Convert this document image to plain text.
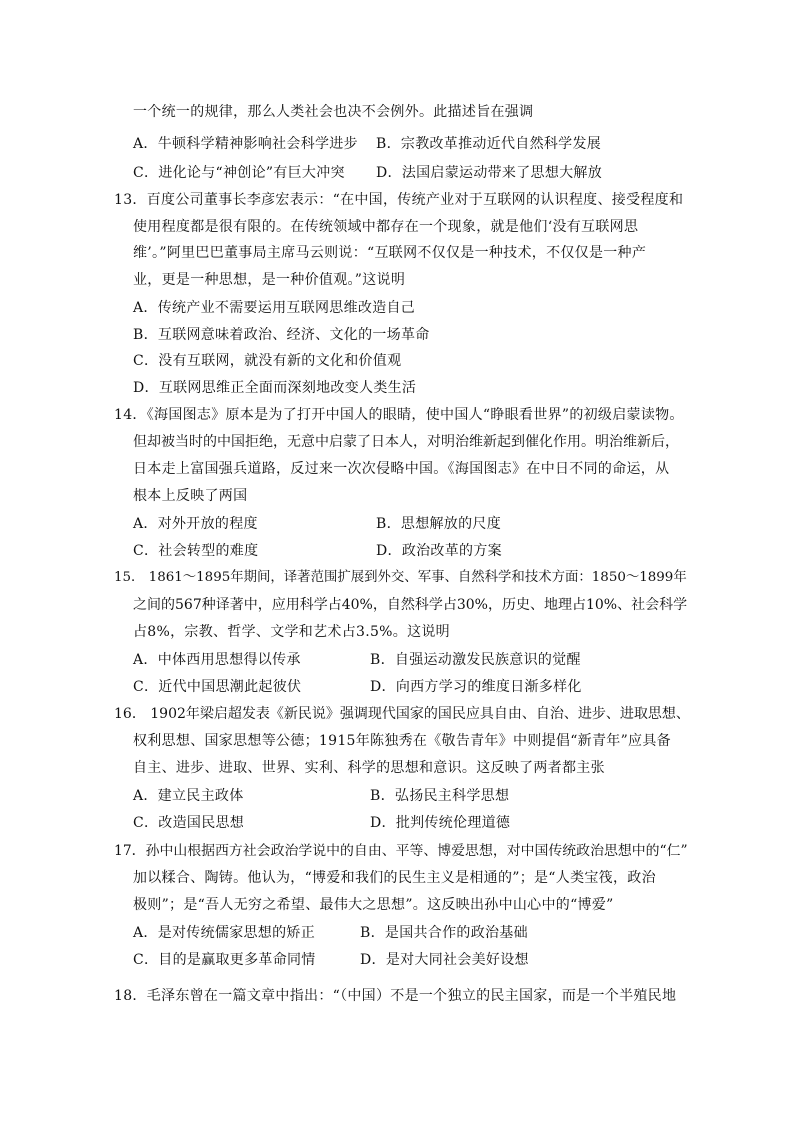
一个统一的规律，那么人类社会也决不会例外。此描述旨在强调
A．牛顿科学精神影响社会科学进步 B．宗教改革推动近代自然科学发展
C．进化论与“神创论”有巨大冲突 D．法国启蒙运动带来了思想大解放
13．百度公司董事长李彦宏表示：“在中国，传统产业对于互联网的认识程度、接受程度和
使用程度都是很有限的。在传统领域中都存在一个现象，就是他们‘没有互联网思
维’。”阿里巴巴董事局主席马云则说：“互联网不仅仅是一种技术，不仅仅是一种产
业，更是一种思想，是一种价值观。”这说明
A．传统产业不需要运用互联网思维改造自己
B．互联网意味着政治、经济、文化的一场革命
C．没有互联网，就没有新的文化和价值观
D．互联网思维正全面而深刻地改变人类生活
14．《海国图志》原本是为了打开中国人的眼睛，使中国人“睁眼看世界”的初级启蒙读物。
但却被当时的中国拒绝，无意中启蒙了日本人，对明治维新起到催化作用。明治维新后，
日本走上富国强兵道路，反过来一次次侵略中国。《海国图志》在中日不同的命运，从
根本上反映了两国
A．对外开放的程度	B．思想解放的尺度
C．社会转型的难度	D．政治改革的方案
15． 1861～1895年期间，译著范围扩展到外交、军事、自然科学和技术方面：1850～1899年
之间的567种译著中，应用科学占40%，自然科学占30%，历史、地理占10%、社会科学
占8%，宗教、哲学、文学和艺术占3.5%。这说明
A．中体西用思想得以传承	B．自强运动激发民族意识的觉醒
C．近代中国思潮此起彼伏	D．向西方学习的维度日渐多样化
16． 1902年梁启超发表《新民说》强调现代国家的国民应具自由、自治、进步、进取思想、
权利思想、国家思想等公德；1915年陈独秀在《敬告青年》中则提倡“新青年”应具备
自主、进步、进取、世界、实利、科学的思想和意识。这反映了两者都主张
A．建立民主政体	B．弘扬民主科学思想
C．改造国民思想	D．批判传统伦理道德
17．孙中山根据西方社会政治学说中的自由、平等、博爱思想，对中国传统政治思想中的“仁”
加以糅合、陶铸。他认为，“博爱和我们的民生主义是相通的”；是“人类宝筏，政治
极则”；是“吾人无穷之希望、最伟大之思想”。这反映出孙中山心中的“博爱”
A．是对传统儒家思想的矫正	B．是国共合作的政治基础
C．目的是赢取更多革命同情	D．是对大同社会美好设想
18．毛泽东曾在一篇文章中指出：“（中国）不是一个独立的民主国家，而是一个半殖民地
